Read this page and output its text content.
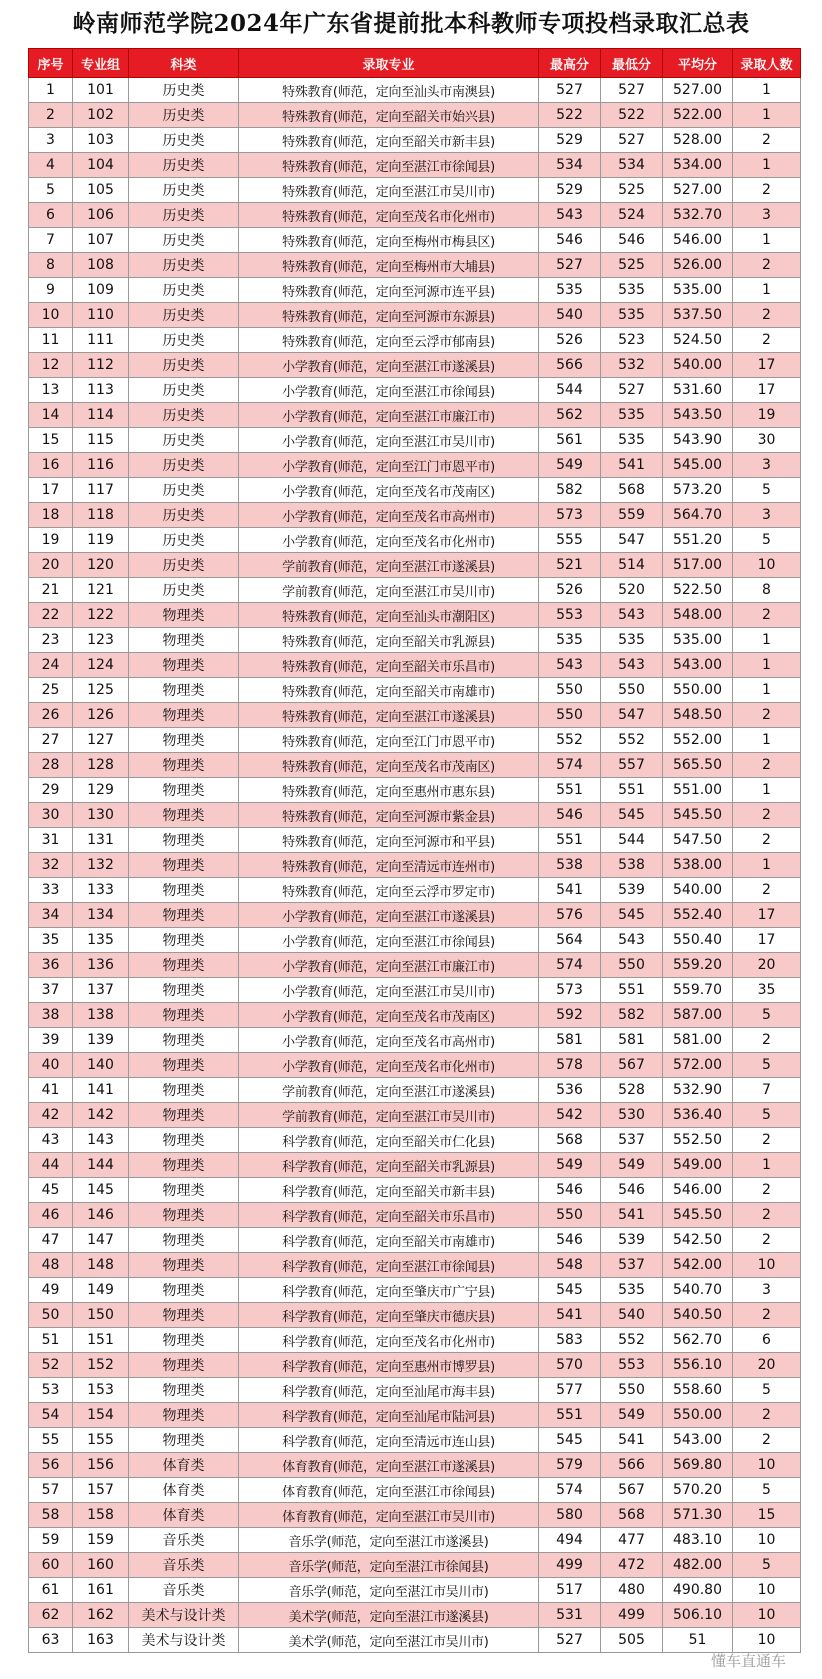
岭南师范学院2024年广东省提前批本科教师专项投档录取汇总表
序号	专业组	科类	录取专业	最高分	最低分	平均分	录取人数
1	101	历史类	特殊教育(师范，定向至汕头市南澳县)	527	527	527.00	1
2	102	历史类	特殊教育(师范，定向至韶关市始兴县)	522	522	522.00	1
3	103	历史类	特殊教育(师范，定向至韶关市新丰县)	529	527	528.00	2
4	104	历史类	特殊教育(师范，定向至湛江市徐闻县)	534	534	534.00	1
5	105	历史类	特殊教育(师范，定向至湛江市吴川市)	529	525	527.00	2
6	106	历史类	特殊教育(师范，定向至茂名市化州市)	543	524	532.70	3
7	107	历史类	特殊教育(师范，定向至梅州市梅县区)	546	546	546.00	1
8	108	历史类	特殊教育(师范，定向至梅州市大埔县)	527	525	526.00	2
9	109	历史类	特殊教育(师范，定向至河源市连平县)	535	535	535.00	1
10	110	历史类	特殊教育(师范，定向至河源市东源县)	540	535	537.50	2
11	111	历史类	特殊教育(师范，定向至云浮市郁南县)	526	523	524.50	2
12	112	历史类	小学教育(师范，定向至湛江市遂溪县)	566	532	540.00	17
13	113	历史类	小学教育(师范，定向至湛江市徐闻县)	544	527	531.60	17
14	114	历史类	小学教育(师范，定向至湛江市廉江市)	562	535	543.50	19
15	115	历史类	小学教育(师范，定向至湛江市吴川市)	561	535	543.90	30
16	116	历史类	小学教育(师范，定向至江门市恩平市)	549	541	545.00	3
17	117	历史类	小学教育(师范，定向至茂名市茂南区)	582	568	573.20	5
18	118	历史类	小学教育(师范，定向至茂名市高州市)	573	559	564.70	3
19	119	历史类	小学教育(师范，定向至茂名市化州市)	555	547	551.20	5
20	120	历史类	学前教育(师范，定向至湛江市遂溪县)	521	514	517.00	10
21	121	历史类	学前教育(师范，定向至湛江市吴川市)	526	520	522.50	8
22	122	物理类	特殊教育(师范，定向至汕头市潮阳区)	553	543	548.00	2
23	123	物理类	特殊教育(师范，定向至韶关市乳源县)	535	535	535.00	1
24	124	物理类	特殊教育(师范，定向至韶关市乐昌市)	543	543	543.00	1
25	125	物理类	特殊教育(师范，定向至韶关市南雄市)	550	550	550.00	1
26	126	物理类	特殊教育(师范，定向至湛江市遂溪县)	550	547	548.50	2
27	127	物理类	特殊教育(师范，定向至江门市恩平市)	552	552	552.00	1
28	128	物理类	特殊教育(师范，定向至茂名市茂南区)	574	557	565.50	2
29	129	物理类	特殊教育(师范，定向至惠州市惠东县)	551	551	551.00	1
30	130	物理类	特殊教育(师范，定向至河源市紫金县)	546	545	545.50	2
31	131	物理类	特殊教育(师范，定向至河源市和平县)	551	544	547.50	2
32	132	物理类	特殊教育(师范，定向至清远市连州市)	538	538	538.00	1
33	133	物理类	特殊教育(师范，定向至云浮市罗定市)	541	539	540.00	2
34	134	物理类	小学教育(师范，定向至湛江市遂溪县)	576	545	552.40	17
35	135	物理类	小学教育(师范，定向至湛江市徐闻县)	564	543	550.40	17
36	136	物理类	小学教育(师范，定向至湛江市廉江市)	574	550	559.20	20
37	137	物理类	小学教育(师范，定向至湛江市吴川市)	573	551	559.70	35
38	138	物理类	小学教育(师范，定向至茂名市茂南区)	592	582	587.00	5
39	139	物理类	小学教育(师范，定向至茂名市高州市)	581	581	581.00	2
40	140	物理类	小学教育(师范，定向至茂名市化州市)	578	567	572.00	5
41	141	物理类	学前教育(师范，定向至湛江市遂溪县)	536	528	532.90	7
42	142	物理类	学前教育(师范，定向至湛江市吴川市)	542	530	536.40	5
43	143	物理类	科学教育(师范，定向至韶关市仁化县)	568	537	552.50	2
44	144	物理类	科学教育(师范，定向至韶关市乳源县)	549	549	549.00	1
45	145	物理类	科学教育(师范，定向至韶关市新丰县)	546	546	546.00	2
46	146	物理类	科学教育(师范，定向至韶关市乐昌市)	550	541	545.50	2
47	147	物理类	科学教育(师范，定向至韶关市南雄市)	546	539	542.50	2
48	148	物理类	科学教育(师范，定向至湛江市徐闻县)	548	537	542.00	10
49	149	物理类	科学教育(师范，定向至肇庆市广宁县)	545	535	540.70	3
50	150	物理类	科学教育(师范，定向至肇庆市德庆县)	541	540	540.50	2
51	151	物理类	科学教育(师范，定向至茂名市化州市)	583	552	562.70	6
52	152	物理类	科学教育(师范，定向至惠州市博罗县)	570	553	556.10	20
53	153	物理类	科学教育(师范，定向至汕尾市海丰县)	577	550	558.60	5
54	154	物理类	科学教育(师范，定向至汕尾市陆河县)	551	549	550.00	2
55	155	物理类	科学教育(师范，定向至清远市连山县)	545	541	543.00	2
56	156	体育类	体育教育(师范，定向至湛江市遂溪县)	579	566	569.80	10
57	157	体育类	体育教育(师范，定向至湛江市徐闻县)	574	567	570.20	5
58	158	体育类	体育教育(师范，定向至湛江市吴川市)	580	568	571.30	15
59	159	音乐类	音乐学(师范，定向至湛江市遂溪县)	494	477	483.10	10
60	160	音乐类	音乐学(师范，定向至湛江市徐闻县)	499	472	482.00	5
61	161	音乐类	音乐学(师范，定向至湛江市吴川市)	517	480	490.80	10
62	162	美术与设计类	美术学(师范，定向至湛江市遂溪县)	531	499	506.10	10
63	163	美术与设计类	美术学(师范，定向至湛江市吴川市)	527	505	51	10
懂车直通车
